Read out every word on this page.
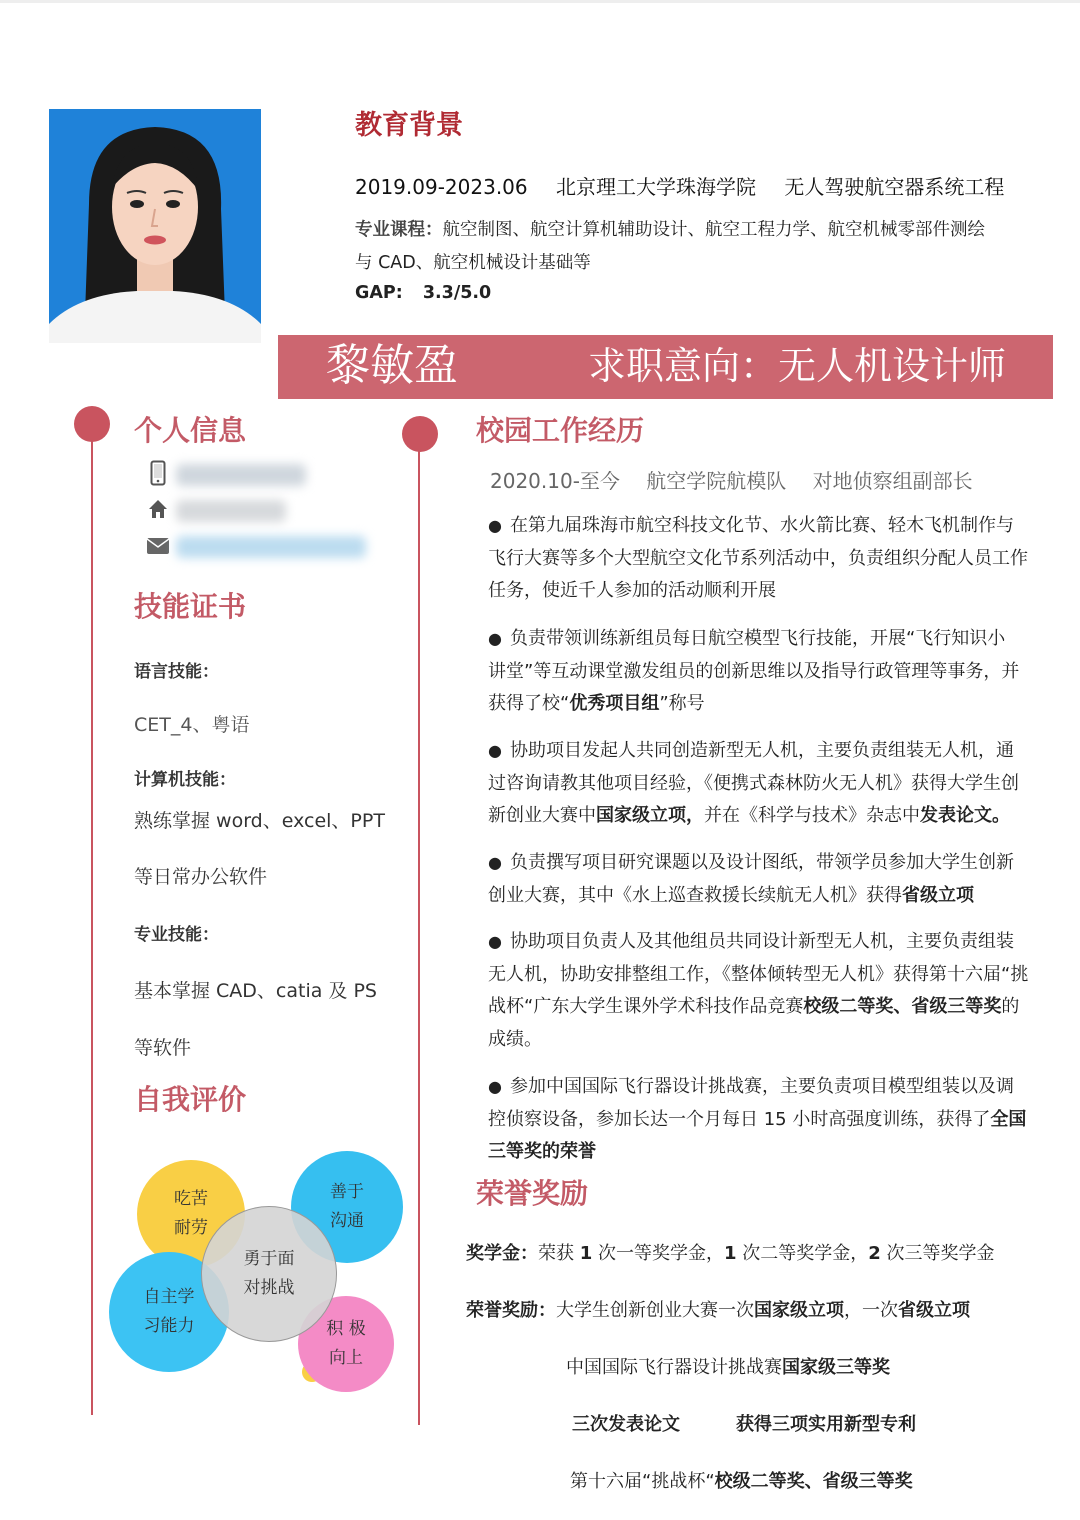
教育背景
2019.09-2023.06 北京理工大学珠海学院 无人驾驶航空器系统工程
专业课程：航空制图、航空计算机辅助设计、航空工程力学、航空机械零部件测绘
与 CAD、航空机械设计基础等
GAP: 3.3/5.0
黎敏盈	求职意向：无人机设计师
个人信息
技能证书
语言技能：
CET_4、粤语
计算机技能：
熟练掌握 word、excel、PPT
等日常办公软件
专业技能：
基本掌握 CAD、catia 及 PS
等软件
自我评价
吃苦
耐劳
善于
沟通
自主学
习能力	积 极
向上
勇于面
对挑战
校园工作经历
2020.10-至今 航空学院航模队 对地侦察组副部长
● 在第九届珠海市航空科技文化节、水火箭比赛、轻木飞机制作与
飞行大赛等多个大型航空文化节系列活动中，负责组织分配人员工作
任务，使近千人参加的活动顺利开展
● 负责带领训练新组员每日航空模型飞行技能，开展“飞行知识小
讲堂”等互动课堂激发组员的创新思维以及指导行政管理等事务，并
获得了校“优秀项目组”称号
● 协助项目发起人共同创造新型无人机，主要负责组装无人机，通
过咨询请教其他项目经验，《便携式森林防火无人机》获得大学生创
新创业大赛中国家级立项，并在《科学与技术》杂志中发表论文。
● 负责撰写项目研究课题以及设计图纸，带领学员参加大学生创新
创业大赛，其中《水上巡查救援长续航无人机》获得省级立项
● 协助项目负责人及其他组员共同设计新型无人机，主要负责组装
无人机，协助安排整组工作，《整体倾转型无人机》获得第十六届“挑
战杯“广东大学生课外学术科技作品竞赛校级二等奖、省级三等奖的
成绩。
● 参加中国国际飞行器设计挑战赛，主要负责项目模型组装以及调
控侦察设备，参加长达一个月每日 15 小时高强度训练，获得了全国
三等奖的荣誉
荣誉奖励
奖学金：荣获 1 次一等奖学金，1 次二等奖学金，2 次三等奖学金
荣誉奖励：大学生创新创业大赛一次国家级立项，一次省级立项
中国国际飞行器设计挑战赛国家级三等奖
三次发表论文	获得三项实用新型专利
第十六届“挑战杯“校级二等奖、省级三等奖
